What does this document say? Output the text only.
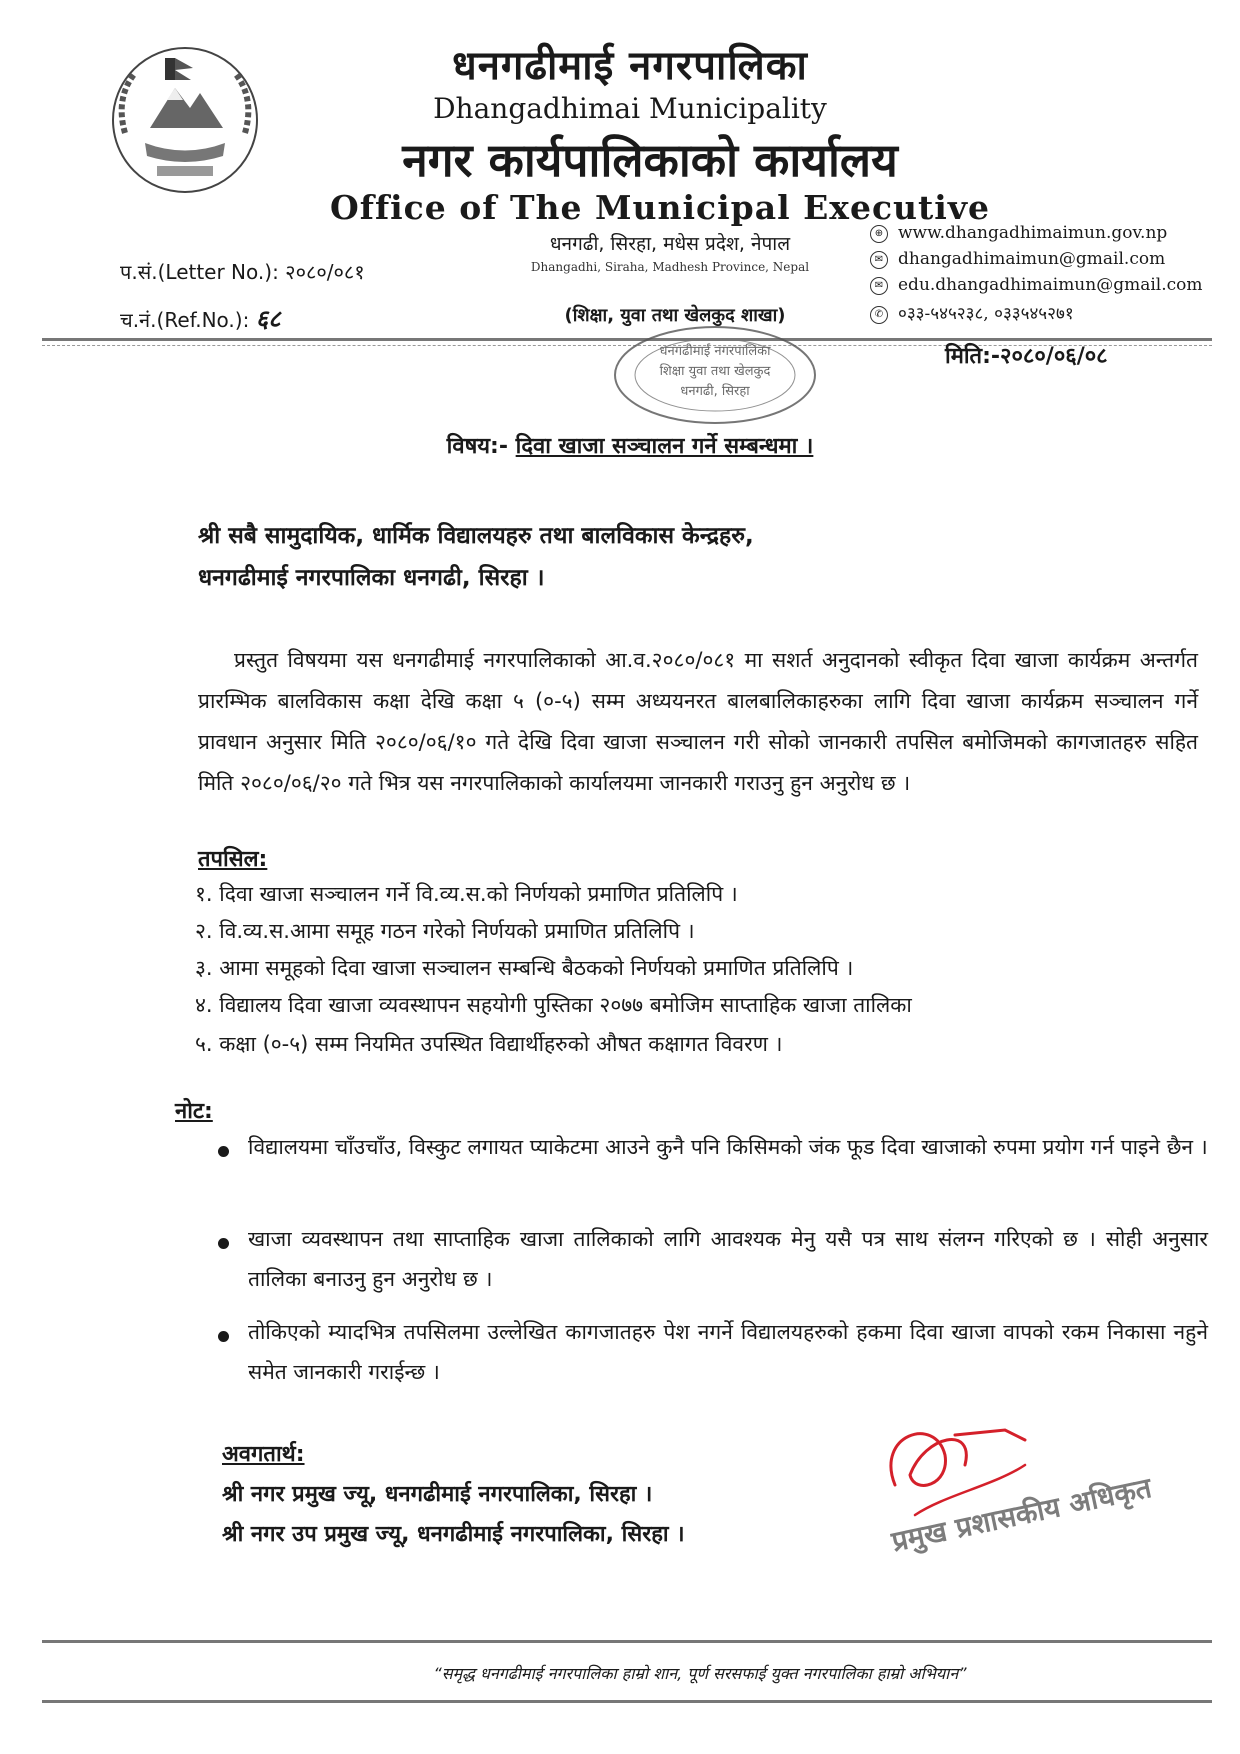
धनगढीमाई नगरपालिका
Dhangadhimai Municipality
नगर कार्यपालिकाको कार्यालय
Office of The Municipal Executive
धनगढी, सिरहा, मधेस प्रदेश, नेपाल
Dhangadhi, Siraha, Madhesh Province, Nepal
(शिक्षा, युवा तथा खेलकुद शाखा)
प.सं.(Letter No.): २०८०/०८१
च.नं.(Ref.No.): ६८
⊕ www.dhangadhimaimun.gov.np
✉ dhangadhimaimun@gmail.com
✉ edu.dhangadhimaimun@gmail.com
✆ ०३३-५४५२३८, ०३३५४५२७१
मिति:-२०८०/०६/०८
धनगढीमाई नगरपालिका
शिक्षा युवा तथा खेलकुद
धनगढी, सिरहा
विषय:- दिवा खाजा सञ्चालन गर्ने सम्बन्धमा ।
श्री सबै सामुदायिक, धार्मिक विद्यालयहरु तथा बालविकास केन्द्रहरु,
धनगढीमाई नगरपालिका धनगढी, सिरहा ।

प्रस्तुत विषयमा यस धनगढीमाई नगरपालिकाको आ.व.२०८०/०८१ मा सशर्त अनुदानको स्वीकृत दिवा खाजा कार्यक्रम अन्तर्गत प्रारम्भिक बालविकास कक्षा देखि कक्षा ५ (०-५) सम्म अध्ययनरत बालबालिकाहरुका लागि दिवा खाजा कार्यक्रम सञ्चालन गर्ने प्रावधान अनुसार मिति २०८०/०६/१० गते देखि दिवा खाजा सञ्चालन गरी सोको जानकारी तपसिल बमोजिमको कागजातहरु सहित मिति २०८०/०६/२० गते भित्र यस नगरपालिकाको कार्यालयमा जानकारी गराउनु हुन अनुरोध छ ।

तपसिल:
१. दिवा खाजा सञ्चालन गर्ने वि.व्य.स.को निर्णयको प्रमाणित प्रतिलिपि ।
२. वि.व्य.स.आमा समूह गठन गरेको निर्णयको प्रमाणित प्रतिलिपि ।
३. आमा समूहको दिवा खाजा सञ्चालन सम्बन्धि बैठकको निर्णयको प्रमाणित प्रतिलिपि ।
४. विद्यालय दिवा खाजा व्यवस्थापन सहयोगी पुस्तिका २०७७ बमोजिम साप्ताहिक खाजा तालिका
५. कक्षा (०-५) सम्म नियमित उपस्थित विद्यार्थीहरुको औषत कक्षागत विवरण ।
नोट:
विद्यालयमा चाँउचाँउ, विस्कुट लगायत प्याकेटमा आउने कुनै पनि किसिमको जंक फूड दिवा खाजाको रुपमा प्रयोग गर्न पाइने छैन ।
खाजा व्यवस्थापन तथा साप्ताहिक खाजा तालिकाको लागि आवश्यक मेनु यसै पत्र साथ संलग्न गरिएको छ । सोही अनुसार तालिका बनाउनु हुन अनुरोध छ ।
तोकिएको म्यादभित्र तपसिलमा उल्लेखित कागजातहरु पेश नगर्ने विद्यालयहरुको हकमा दिवा खाजा वापको रकम निकासा नहुने समेत जानकारी गराईन्छ ।
अवगतार्थ:
श्री नगर प्रमुख ज्यू, धनगढीमाई नगरपालिका, सिरहा ।
श्री नगर उप प्रमुख ज्यू, धनगढीमाई नगरपालिका, सिरहा ।	प्रमुख प्रशासकीय अधिकृत
“समृद्ध धनगढीमाई नगरपालिका हाम्रो शान, पूर्ण सरसफाई युक्त नगरपालिका हाम्रो अभियान”
